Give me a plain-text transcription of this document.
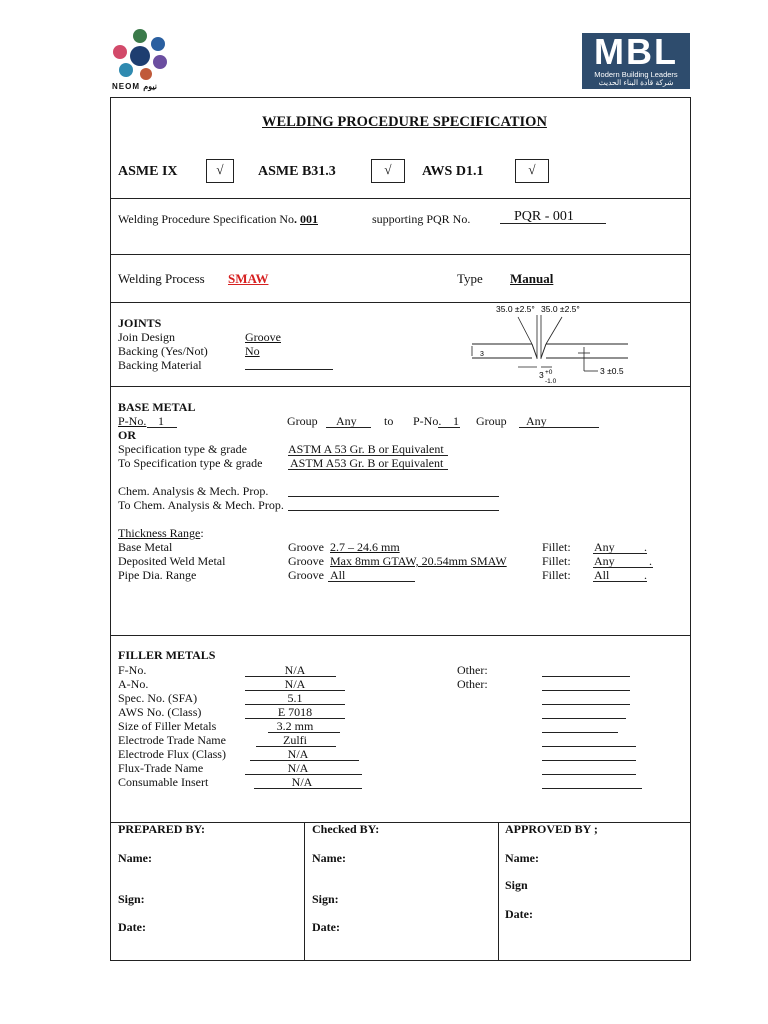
NEOM نيوم
MBL
Modern Building Leaders
شركة قادة البناء الحديث
WELDING PROCEDURE SPECIFICATION
ASME IX	√	ASME B31.3	√	AWS D1.1	√
Welding Procedure Specification No. 001	supporting PQR No.	PQR - 001
Welding Process SMAW	Type Manual
JOINTS
Join Design	Groove
Backing (Yes/Not)	No
Backing Material
35.0 ±2.5° 35.0 ±2.5°
3
3 +0
-1.0
3 ±0.5
BASE METAL
P-No. 1	Group Any to P-No. 1 Group Any
OR
Specification type & grade	ASTM A 53 Gr. B or Equivalent
To Specification type & grade ASTM A53 Gr. B or Equivalent
Chem. Analysis & Mech. Prop.
To Chem. Analysis & Mech. Prop.
Thickness Range:
Base Metal	Groove 2.7 – 24.6 mm	Fillet: Any .
Deposited Weld Metal	Groove Max 8mm GTAW, 20.54mm SMAW	Fillet: Any	.
Pipe Dia. Range	Groove All	Fillet: All	.
FILLER METALS
F-No.	N/A
A-No.	N/A
Spec. No. (SFA)	5.1
AWS No. (Class)	E 7018
Size of Filler Metals	3.2 mm
Electrode Trade Name	Zulfi
Electrode Flux (Class)	N/A
Flux-Trade Name	N/A
Consumable Insert	N/A
Other:
Other:
PREPARED BY:
Name:
Sign:
Date:
Checked BY:
Name:
Sign:
Date:
APPROVED BY ;
Name:
Sign
Date:
